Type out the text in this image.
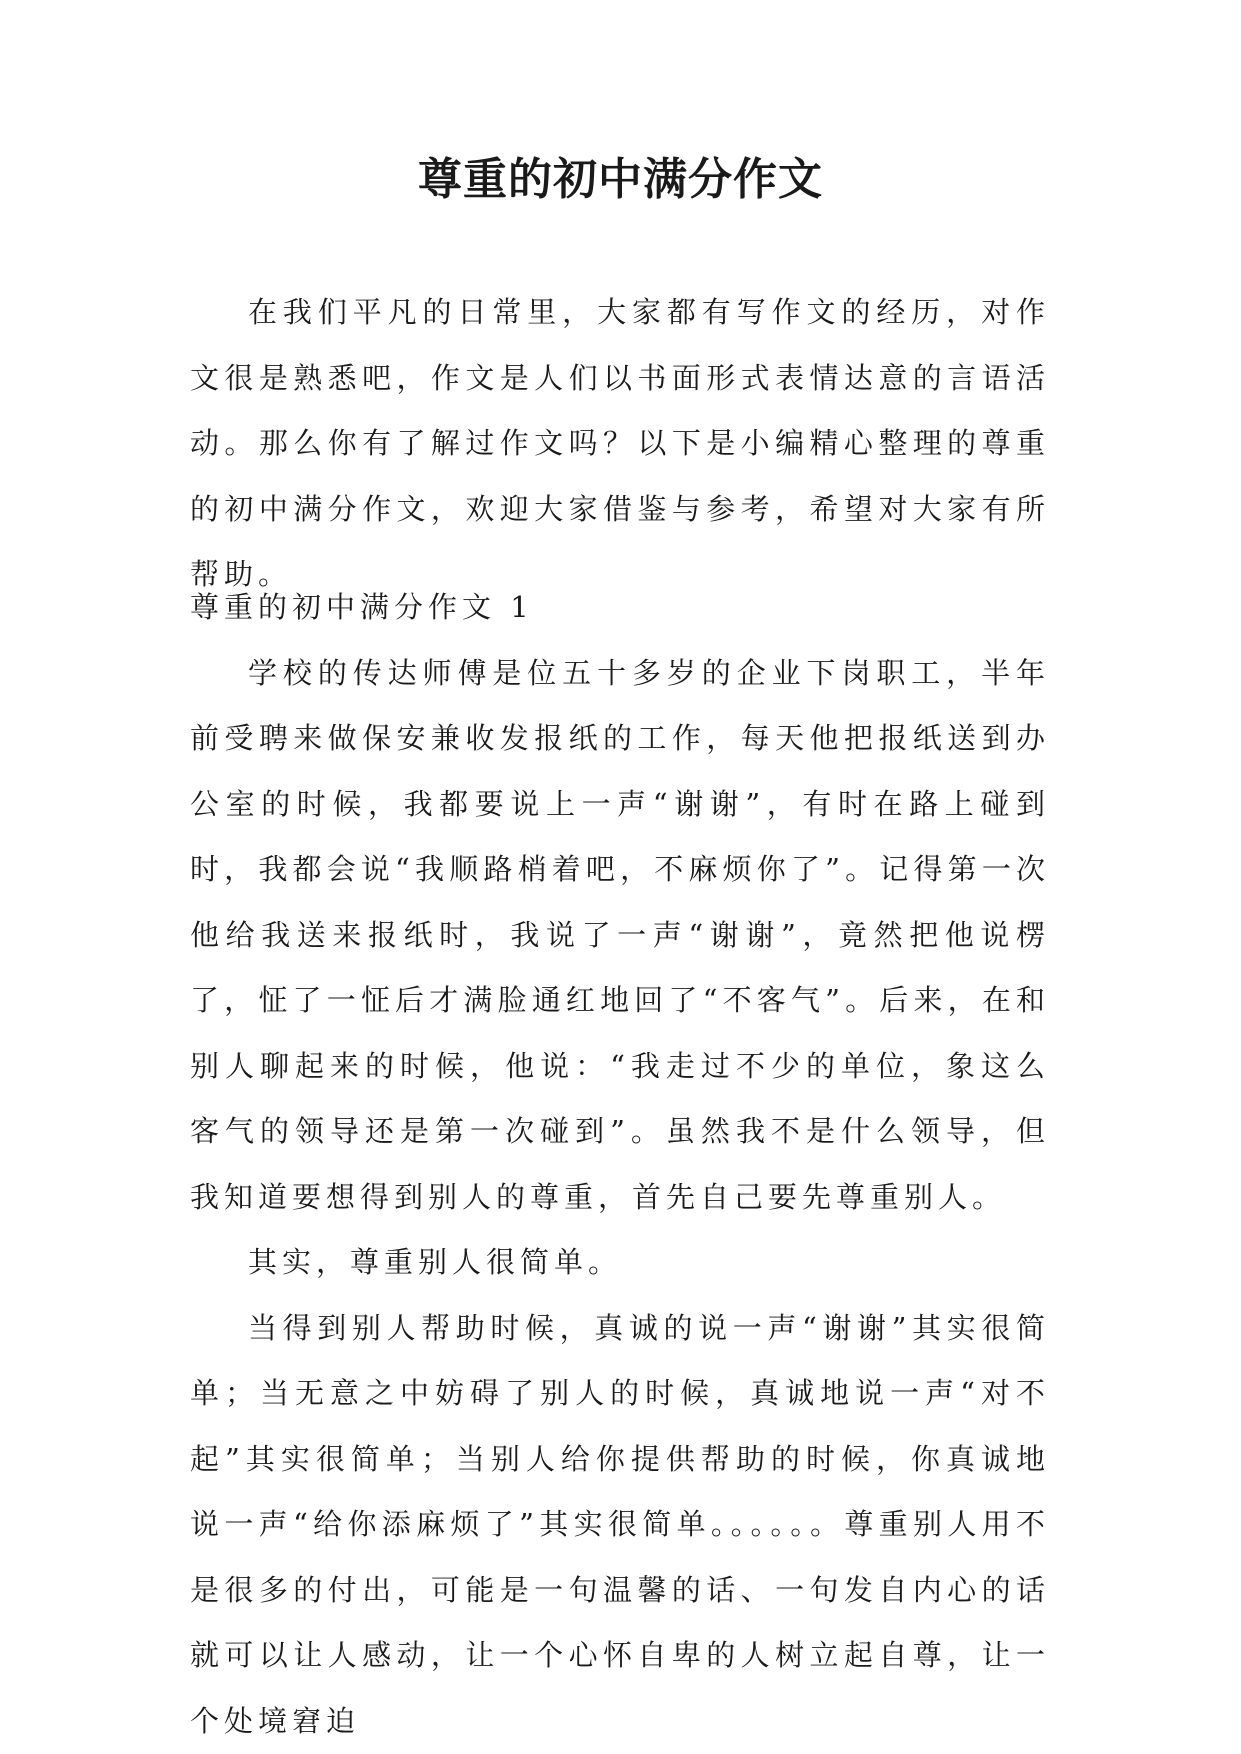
尊重的初中满分作文

在我们平凡的日常里，大家都有写作文的经历，对作文很是熟悉吧，作文是人们以书面形式表情达意的言语活动。那么你有了解过作文吗？以下是小编精心整理的尊重的初中满分作文，欢迎大家借鉴与参考，希望对大家有所帮助。

尊重的初中满分作文 1

学校的传达师傅是位五十多岁的企业下岗职工，半年前受聘来做保安兼收发报纸的工作，每天他把报纸送到办公室的时候，我都要说上一声“谢谢”，有时在路上碰到时，我都会说“我顺路梢着吧，不麻烦你了”。记得第一次他给我送来报纸时，我说了一声“谢谢”，竟然把他说楞了，怔了一怔后才满脸通红地回了“不客气”。后来，在和别人聊起来的时候，他说：“我走过不少的单位，象这么客气的领导还是第一次碰到”。虽然我不是什么领导，但我知道要想得到别人的尊重，首先自己要先尊重别人。

其实，尊重别人很简单。

当得到别人帮助时候，真诚的说一声“谢谢”其实很简单；当无意之中妨碍了别人的时候，真诚地说一声“对不起”其实很简单；当别人给你提供帮助的时候，你真诚地说一声“给你添麻烦了”其实很简单。。。。。。尊重别人用不是很多的付出，可能是一句温馨的话、一句发自内心的话就可以让人感动，让一个心怀自卑的人树立起自尊，让一个处境窘迫
